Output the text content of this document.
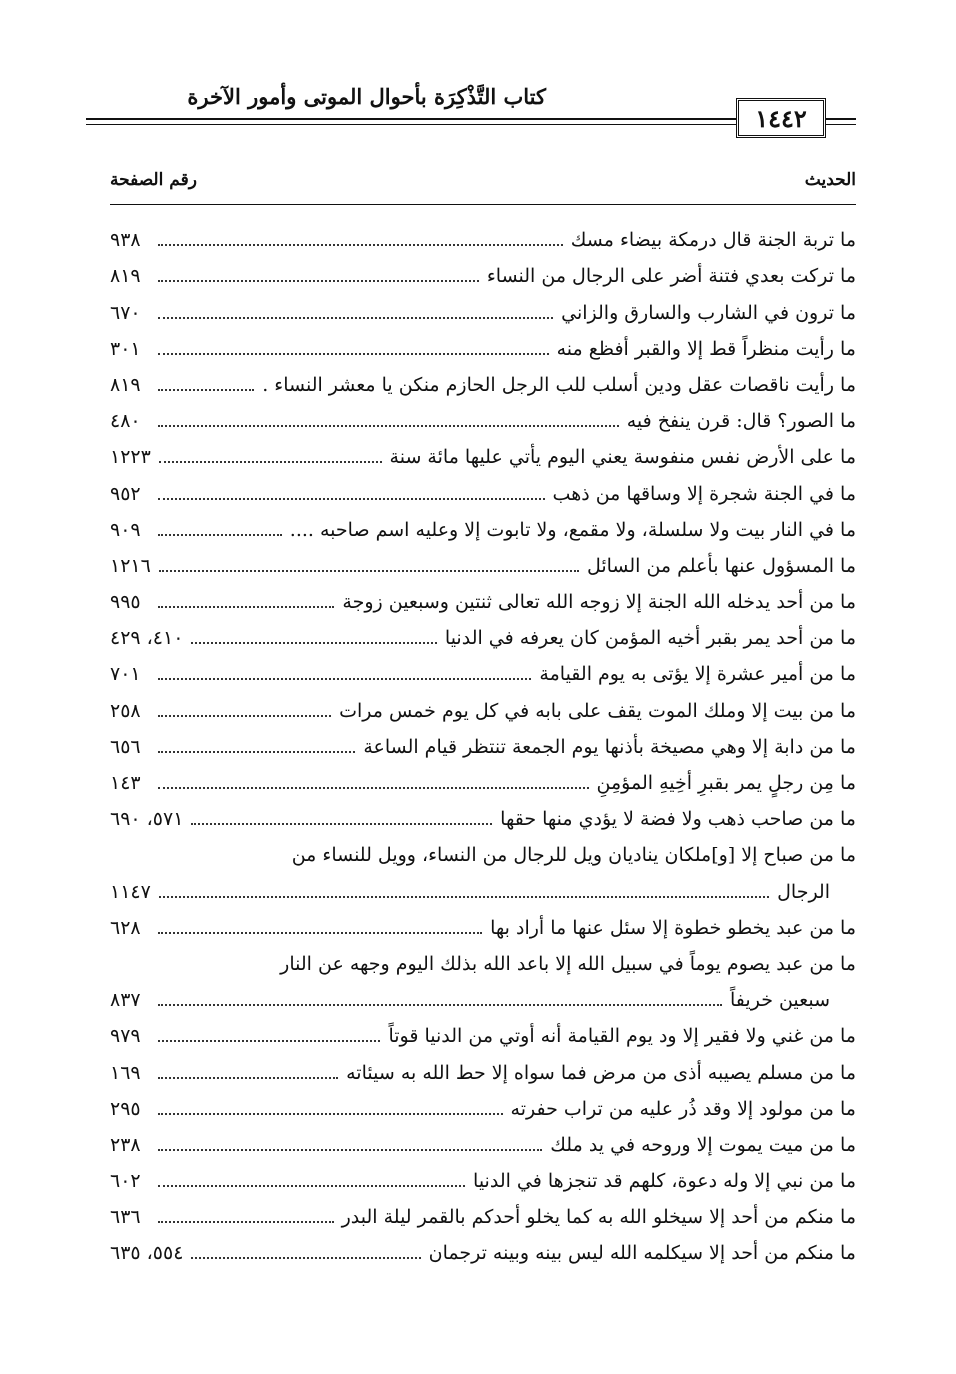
كتاب التَّذْكِرَة بأحوال الموتى وأمور الآخرة
١٤٤٢
الحديث
رقم الصفحة
ما تربة الجنة قال درمكة بيضاء مسك
٩٣٨
ما تركت بعدي فتنة أضر على الرجال من النساء
٨١٩
ما ترون في الشارب والسارق والزاني
٦٧٠
ما رأيت منظراً قط إلا والقبر أفظع منه
٣٠١
ما رأيت ناقصات عقل ودين أسلب للب الرجل الحازم منكن يا معشر النساء .
٨١٩
ما الصور؟ قال: قرن ينفخ فيه
٤٨٠
ما على الأرض نفس منفوسة يعني اليوم يأتي عليها مائة سنة
١٢٢٣
ما في الجنة شجرة إلا وساقها من ذهب
٩٥٢
ما في النار بيت ولا سلسلة، ولا مقمع، ولا تابوت إلا وعليه اسم صاحبه ....
٩٠٩
ما المسؤول عنها بأعلم من السائل
١٢١٦
ما من أحد يدخله الله الجنة إلا زوجه الله تعالى ثنتين وسبعين زوجة
٩٩٥
ما من أحد يمر بقبر أخيه المؤمن كان يعرفه في الدنيا
٤١٠، ٤٢٩
ما من أمير عشرة إلا يؤتى به يوم القيامة
٧٠١
ما من بيت إلا وملك الموت يقف على بابه في كل يوم خمس مرات
٢٥٨
ما من دابة إلا وهي مصيخة بأذنها يوم الجمعة تنتظر قيام الساعة
٦٥٦
ما مِن رجلٍ يمر بقبرِ أخِيهِ المؤمِنِ
١٤٣
ما من صاحب ذهب ولا فضة لا يؤدي منها حقها
٥٧١، ٦٩٠
ما من صباح إلا [و]ملكان يناديان ويل للرجال من النساء، وويل للنساء من
الرجال
١١٤٧
ما من عبد يخطو خطوة إلا سئل عنها ما أراد بها
٦٢٨
ما من عبد يصوم يوماً في سبيل الله إلا باعد الله بذلك اليوم وجهه عن النار
سبعين خريفاً
٨٣٧
ما من غني ولا فقير إلا ود يوم القيامة أنه أوتي من الدنيا قوتاً
٩٧٩
ما من مسلم يصيبه أذى من مرض فما سواه إلا حط الله به سيئاته
١٦٩
ما من مولود إلا وقد ذُر عليه من تراب حفرته
٢٩٥
ما من ميت يموت إلا وروحه في يد ملك
٢٣٨
ما من نبي إلا وله دعوة، كلهم قد تنجزها في الدنيا
٦٠٢
ما منكم من أحد إلا سيخلو الله به كما يخلو أحدكم بالقمر ليلة البدر
٦٣٦
ما منكم من أحد إلا سيكلمه الله ليس بينه وبينه ترجمان
٥٥٤، ٦٣٥
